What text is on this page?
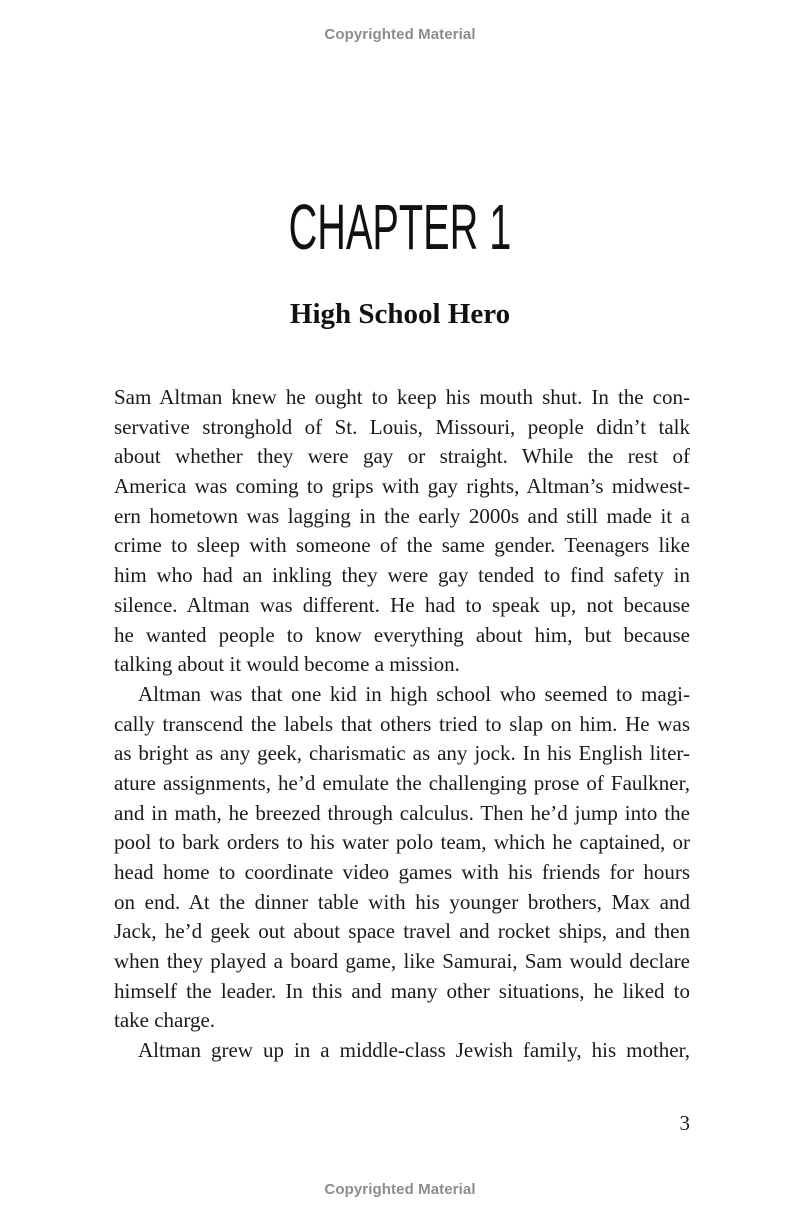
Copyrighted Material
CHAPTER 1
High School Hero
Sam Altman knew he ought to keep his mouth shut. In the con-
servative stronghold of St. Louis, Missouri, people didn’t talk
about whether they were gay or straight. While the rest of
America was coming to grips with gay rights, Altman’s midwest-
ern hometown was lagging in the early 2000s and still made it a
crime to sleep with someone of the same gender. Teenagers like
him who had an inkling they were gay tended to find safety in
silence. Altman was different. He had to speak up, not because
he wanted people to know everything about him, but because
talking about it would become a mission.
Altman was that one kid in high school who seemed to magi-
cally transcend the labels that others tried to slap on him. He was
as bright as any geek, charismatic as any jock. In his English liter-
ature assignments, he’d emulate the challenging prose of Faulkner,
and in math, he breezed through calculus. Then he’d jump into the
pool to bark orders to his water polo team, which he captained, or
head home to coordinate video games with his friends for hours
on end. At the dinner table with his younger brothers, Max and
Jack, he’d geek out about space travel and rocket ships, and then
when they played a board game, like Samurai, Sam would declare
himself the leader. In this and many other situations, he liked to
take charge.
Altman grew up in a middle-class Jewish family, his mother,
3
Copyrighted Material
